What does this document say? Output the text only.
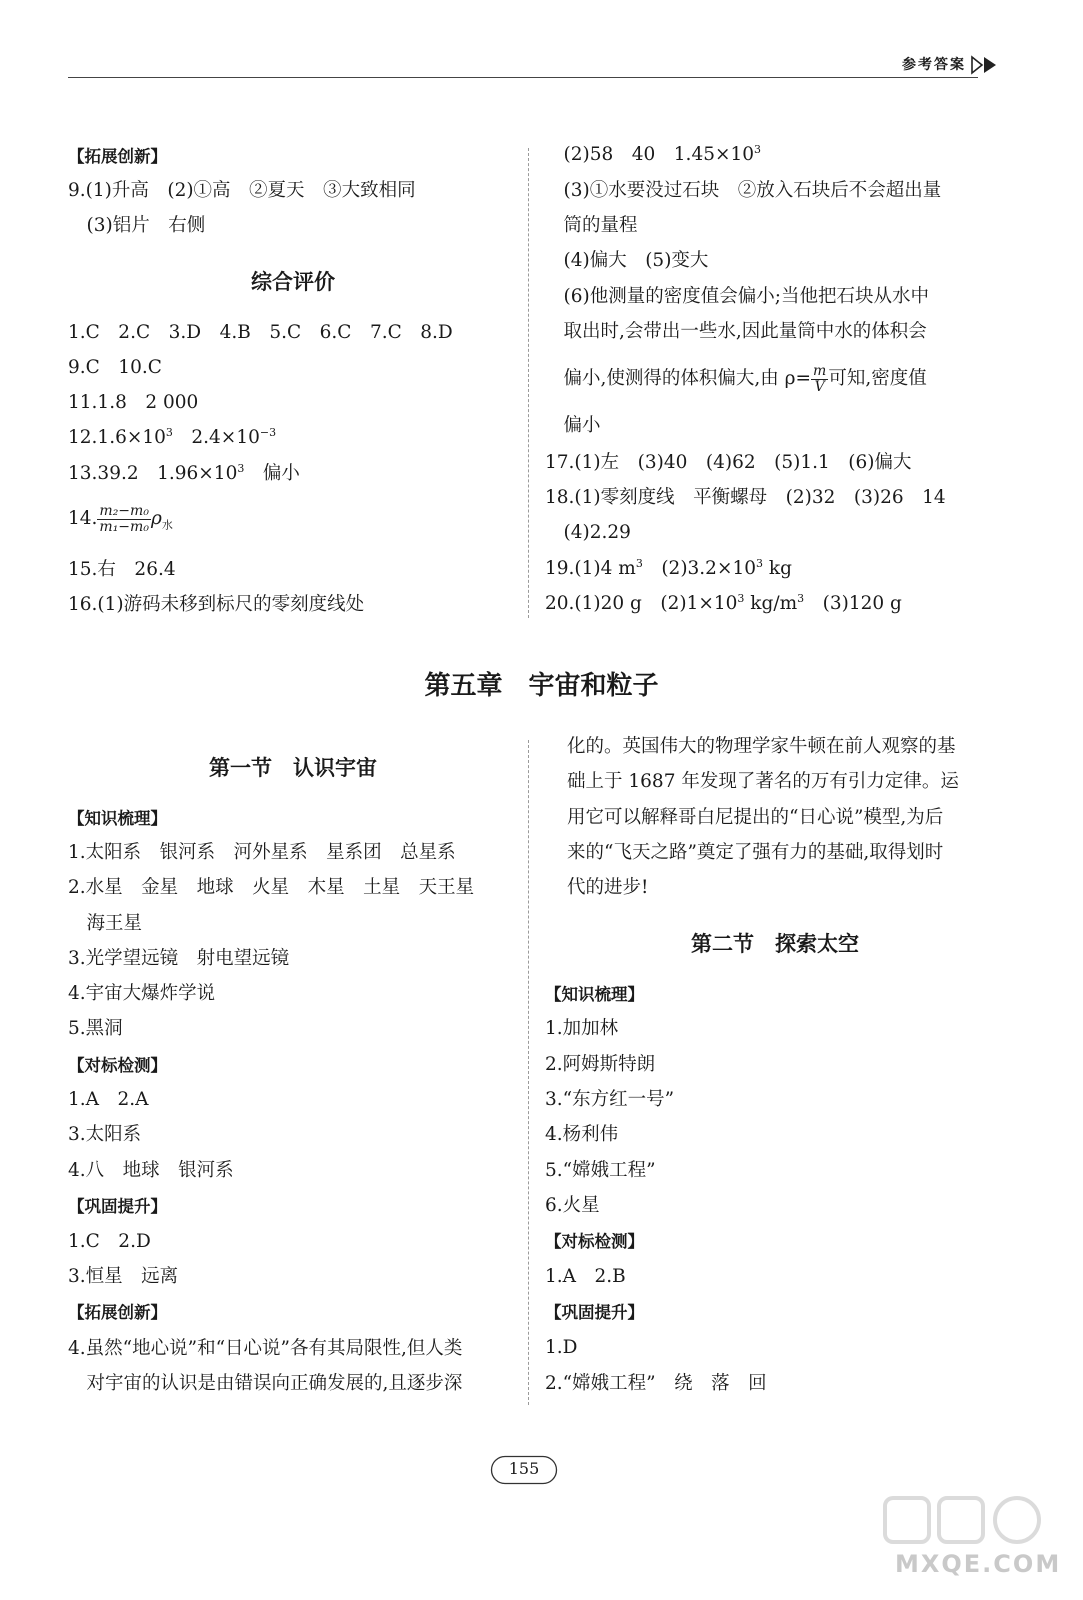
参考答案
【拓展创新】
9.(1)升高　(2)①高　②夏天　③大致相同
　(3)铝片　右侧
综合评价
1.C　2.C　3.D　4.B　5.C　6.C　7.C　8.D
9.C　10.C
11.1.8　2 000
$12.1.6\times 10^3$　$2.4\times 10^{-3}$
13.39.2　$1.96\times 10^3$　偏小
14. $\frac{\text{m₂−m₀}}{\text{m₁−m₀}} \rho_水$
15.右　26.4
16.(1)游码未移到标尺的零刻度线处
　(2)58　40　$1.45\times 10^3$
　(3)①水要没过石块　②放入石块后不会超出量
　筒的量程
　(4)偏大　(5)变大
　(6)他测量的密度值会偏小;当他把石块从水中
　取出时,会带出一些水,因此量筒中水的体积会
　偏小,使测得的体积偏大,由 $\rho= \frac{m}{V}$ 可知,密度值
　偏小
17.(1)左　(3)40　(4)62　(5)1.1　(6)偏大
18.(1)零刻度线　平衡螺母　(2)32　(3)26　14
　(4)2.29
19.(1)4 $m^3$　$(2)3.2\times 10^3$ kg
20.(1)20 g　$(2)1\times 10^3$ $kg/m^3$　(3)120 g
第五章　宇宙和粒子
第一节　认识宇宙
【知识梳理】
1.太阳系　银河系　河外星系　星系团　总星系
2.水星　金星　地球　火星　木星　土星　天王星
　海王星
3.光学望远镜　射电望远镜
4.宇宙大爆炸学说
5.黑洞
【对标检测】
1.A　2.A
3.太阳系
4.八　地球　银河系
【巩固提升】
1.C　2.D
3.恒星　远离
【拓展创新】
4.虽然“地心说”和“日心说”各有其局限性,但人类
　对宇宙的认识是由错误向正确发展的,且逐步深
化的。英国伟大的物理学家牛顿在前人观察的基
础上于 1687 年发现了著名的万有引力定律。运
用它可以解释哥白尼提出的“日心说”模型,为后
来的“飞天之路”奠定了强有力的基础,取得划时
代的进步!
第二节　探索太空
【知识梳理】
1.加加林
2.阿姆斯特朗
3.“东方红一号”
4.杨利伟
5.“嫦娥工程”
6.火星
【对标检测】
1.A　2.B
【巩固提升】
1.D
2.“嫦娥工程”　绕　落　回
155
MXQE.COM
